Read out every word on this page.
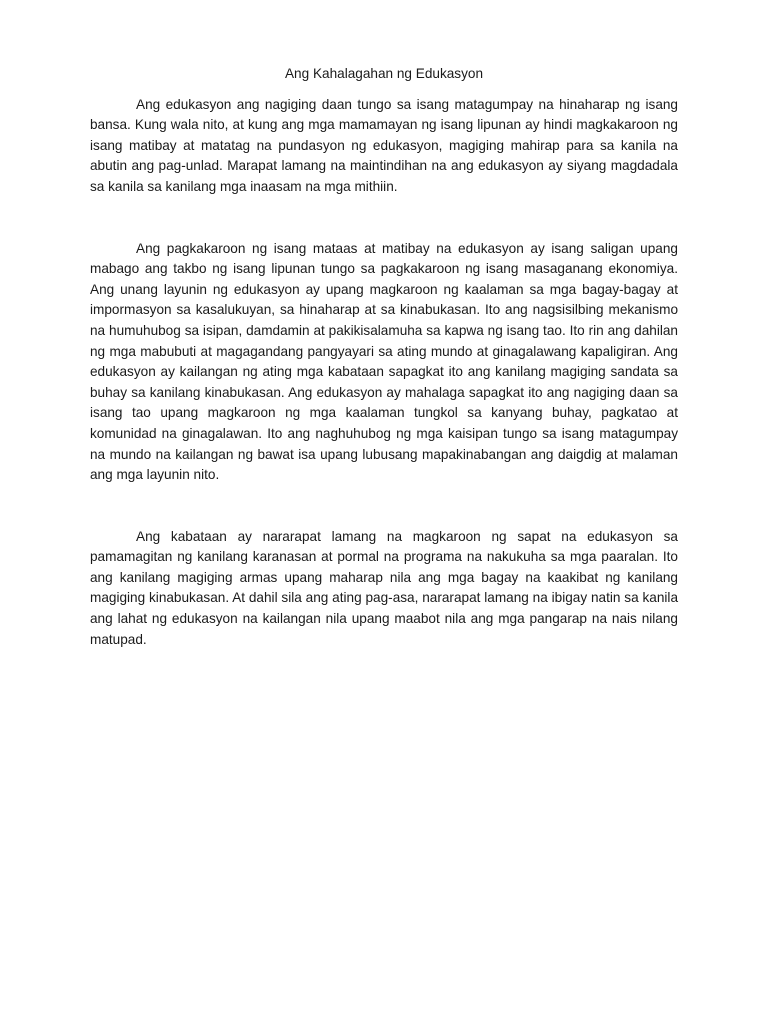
Ang Kahalagahan ng Edukasyon

Ang edukasyon ang nagiging daan tungo sa isang matagumpay na hinaharap ng isang bansa. Kung wala nito, at kung ang mga mamamayan ng isang lipunan ay hindi magkakaroon ng isang matibay at matatag na pundasyon ng edukasyon, magiging mahirap para sa kanila na abutin ang pag-unlad. Marapat lamang na maintindihan na ang edukasyon ay siyang magdadala sa kanila sa kanilang mga inaasam na mga mithiin.

Ang pagkakaroon ng isang mataas at matibay na edukasyon ay isang saligan upang mabago ang takbo ng isang lipunan tungo sa pagkakaroon ng isang masaganang ekonomiya. Ang unang layunin ng edukasyon ay upang magkaroon ng kaalaman sa mga bagay-bagay at impormasyon sa kasalukuyan, sa hinaharap at sa kinabukasan. Ito ang nagsisilbing mekanismo na humuhubog sa isipan, damdamin at pakikisalamuha sa kapwa ng isang tao. Ito rin ang dahilan ng mga mabubuti at magagandang pangyayari sa ating mundo at ginagalawang kapaligiran. Ang edukasyon ay kailangan ng ating mga kabataan sapagkat ito ang kanilang magiging sandata sa buhay sa kanilang kinabukasan. Ang edukasyon ay mahalaga sapagkat ito ang nagiging daan sa isang tao upang magkaroon ng mga kaalaman tungkol sa kanyang buhay, pagkatao at komunidad na ginagalawan. Ito ang naghuhubog ng mga kaisipan tungo sa isang matagumpay na mundo na kailangan ng bawat isa upang lubusang mapakinabangan ang daigdig at malaman ang mga layunin nito.

Ang kabataan ay nararapat lamang na magkaroon ng sapat na edukasyon sa pamamagitan ng kanilang karanasan at pormal na programa na nakukuha sa mga paaralan. Ito ang kanilang magiging armas upang maharap nila ang mga bagay na kaakibat ng kanilang magiging kinabukasan. At dahil sila ang ating pag-asa, nararapat lamang na ibigay natin sa kanila ang lahat ng edukasyon na kailangan nila upang maabot nila ang mga pangarap na nais nilang matupad.
